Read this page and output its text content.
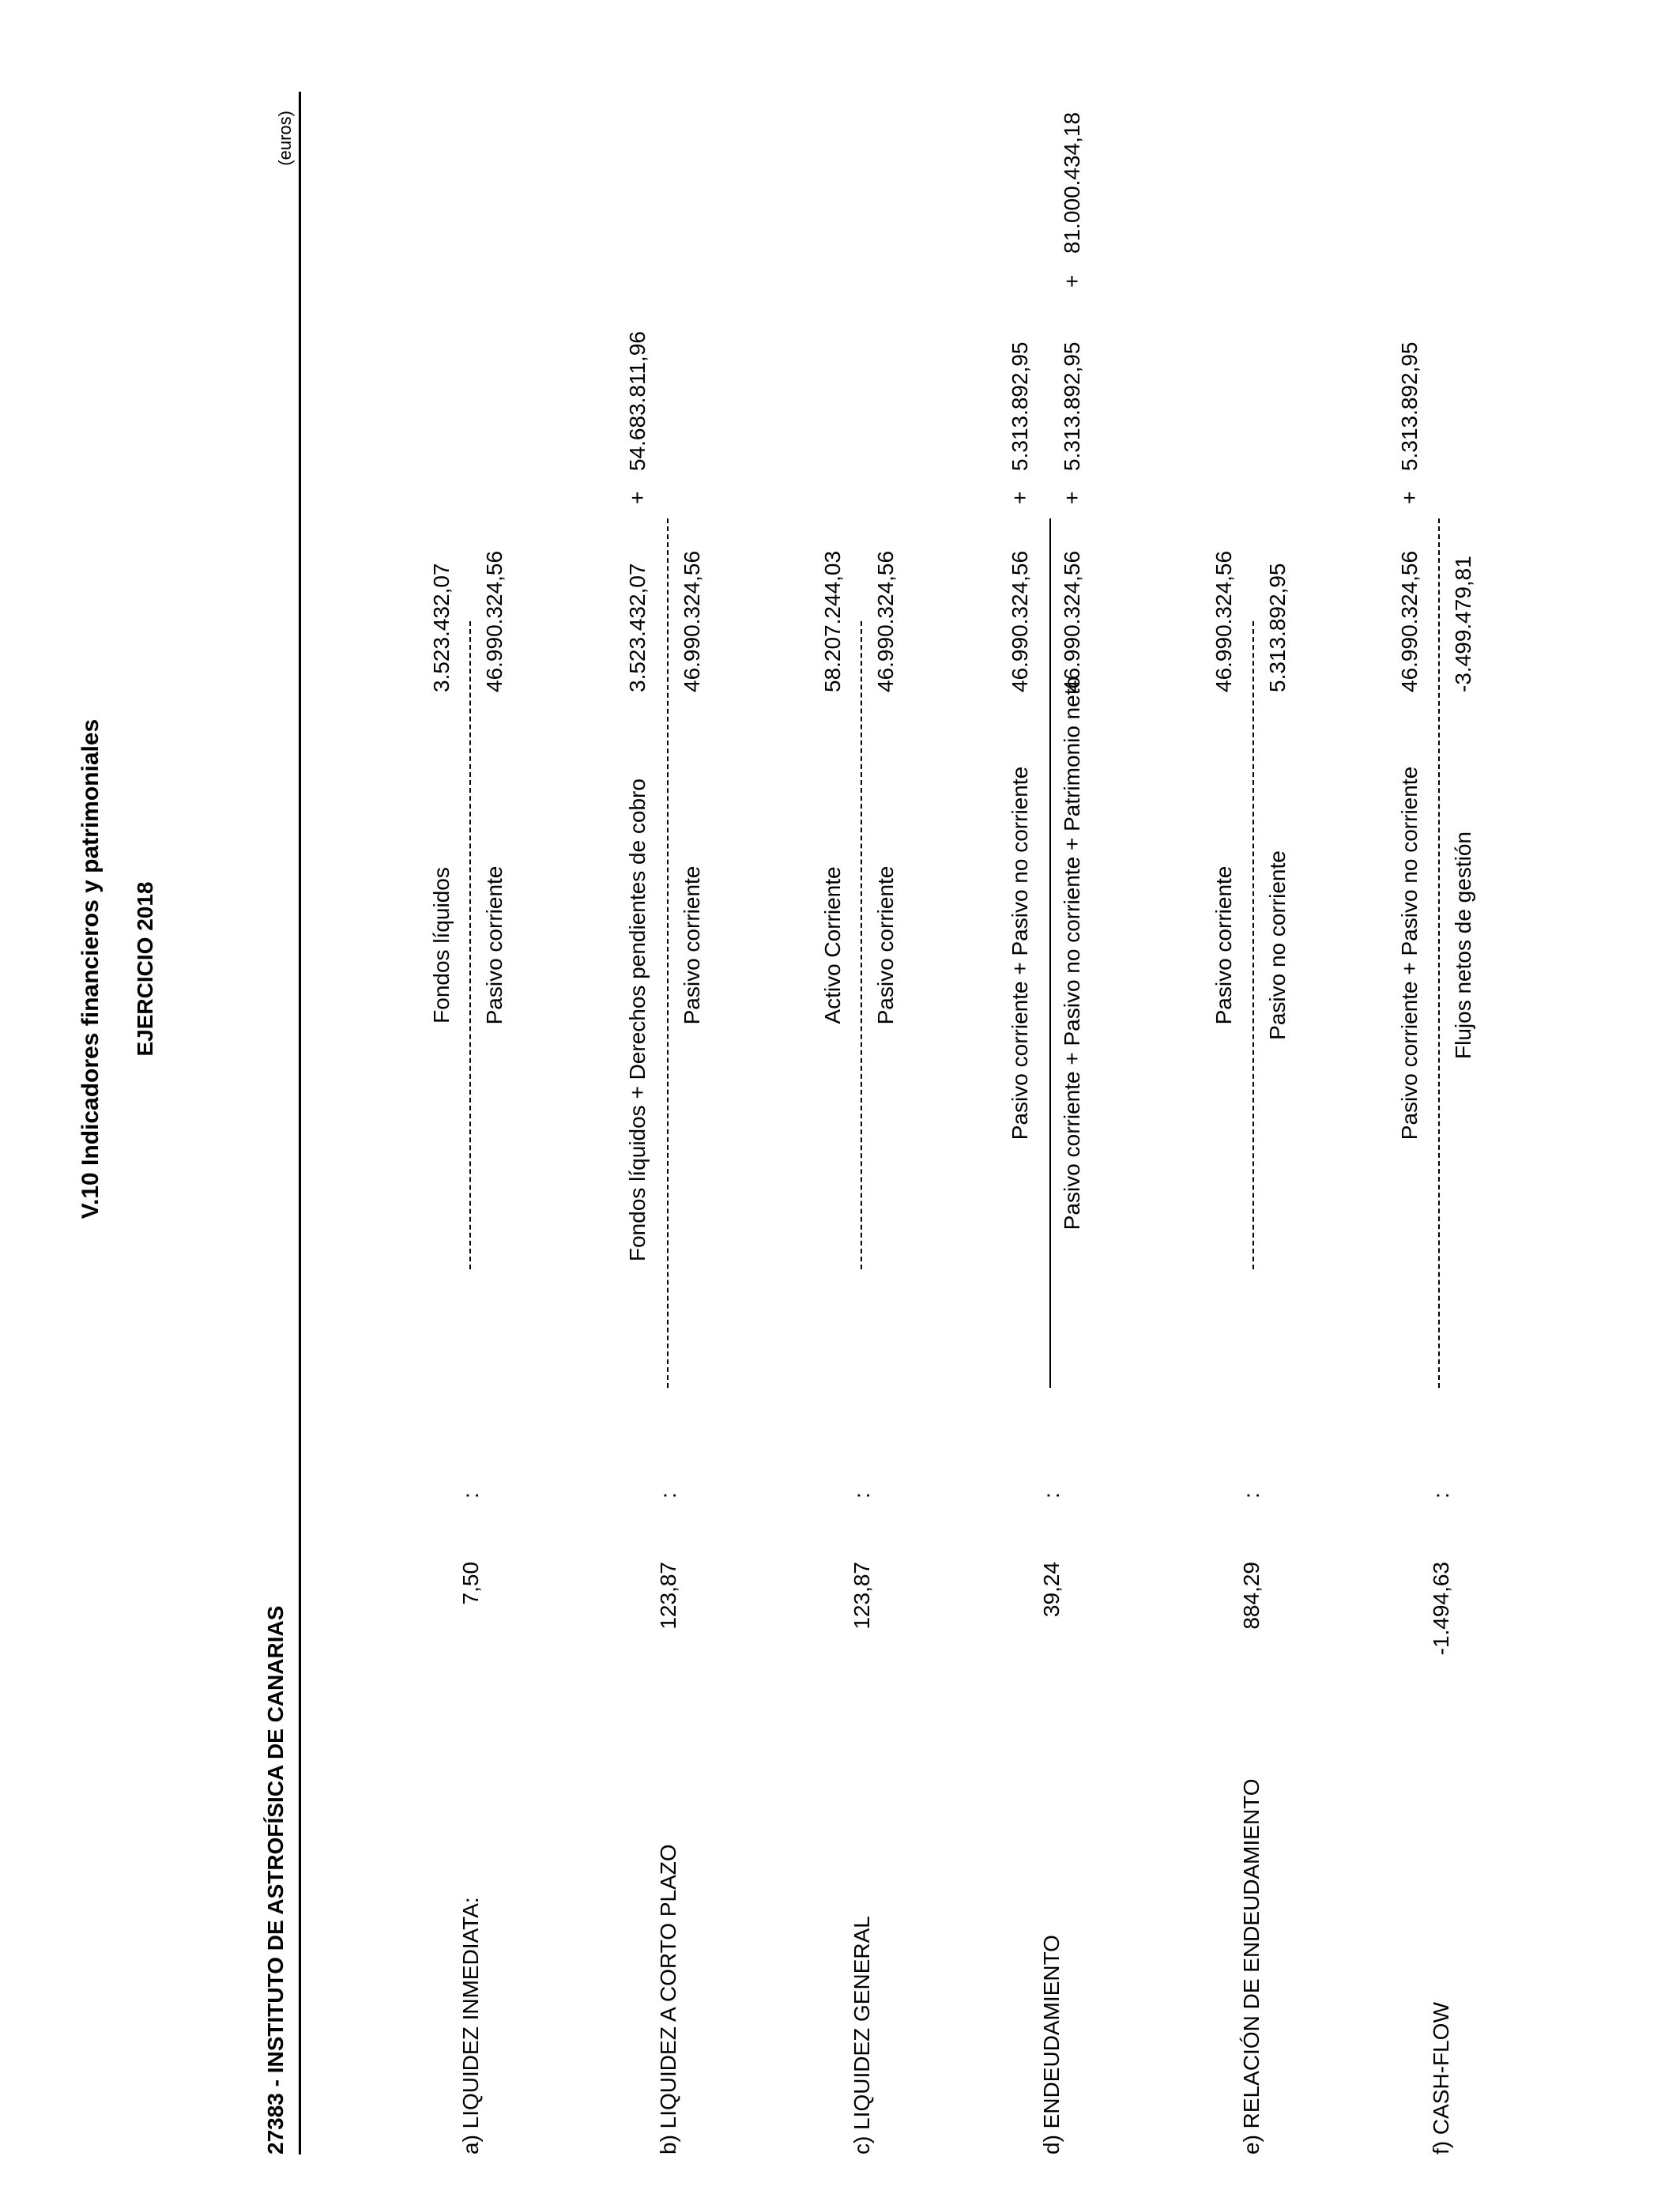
V.10 Indicadores financieros y patrimoniales EJERCICIO 2018
27383 - INSTITUTO DE ASTROFÍSICA DE CANARIAS
(euros)
a) LIQUIDEZ INMEDIATA:
7,50
:
Fondos líquidos Pasivo corriente
3.523.432,07 46.990.324,56
b) LIQUIDEZ A CORTO PLAZO
123,87
:
Fondos líquidos + Derechos pendientes de cobro Pasivo corriente
3.523.432,07
+
54.683.811,96
46.990.324,56
c) LIQUIDEZ GENERAL
123,87
:
Activo Corriente Pasivo corriente
58.207.244,03 46.990.324,56
d) ENDEUDAMIENTO
39,24
:
Pasivo corriente + Pasivo no corriente Pasivo corriente + Pasivo no corriente + Patrimonio neto
46.990.324,56
+
5.313.892,95
46.990.324,56
+
5.313.892,95
+
81.000.434,18
e) RELACIÓN DE ENDEUDAMIENTO
884,29
:
Pasivo corriente Pasivo no corriente
46.990.324,56 5.313.892,95
f) CASH-FLOW
-1.494,63
:
Pasivo corriente + Pasivo no corriente Flujos netos de gestión
46.990.324,56
+
5.313.892,95
-3.499.479,81
